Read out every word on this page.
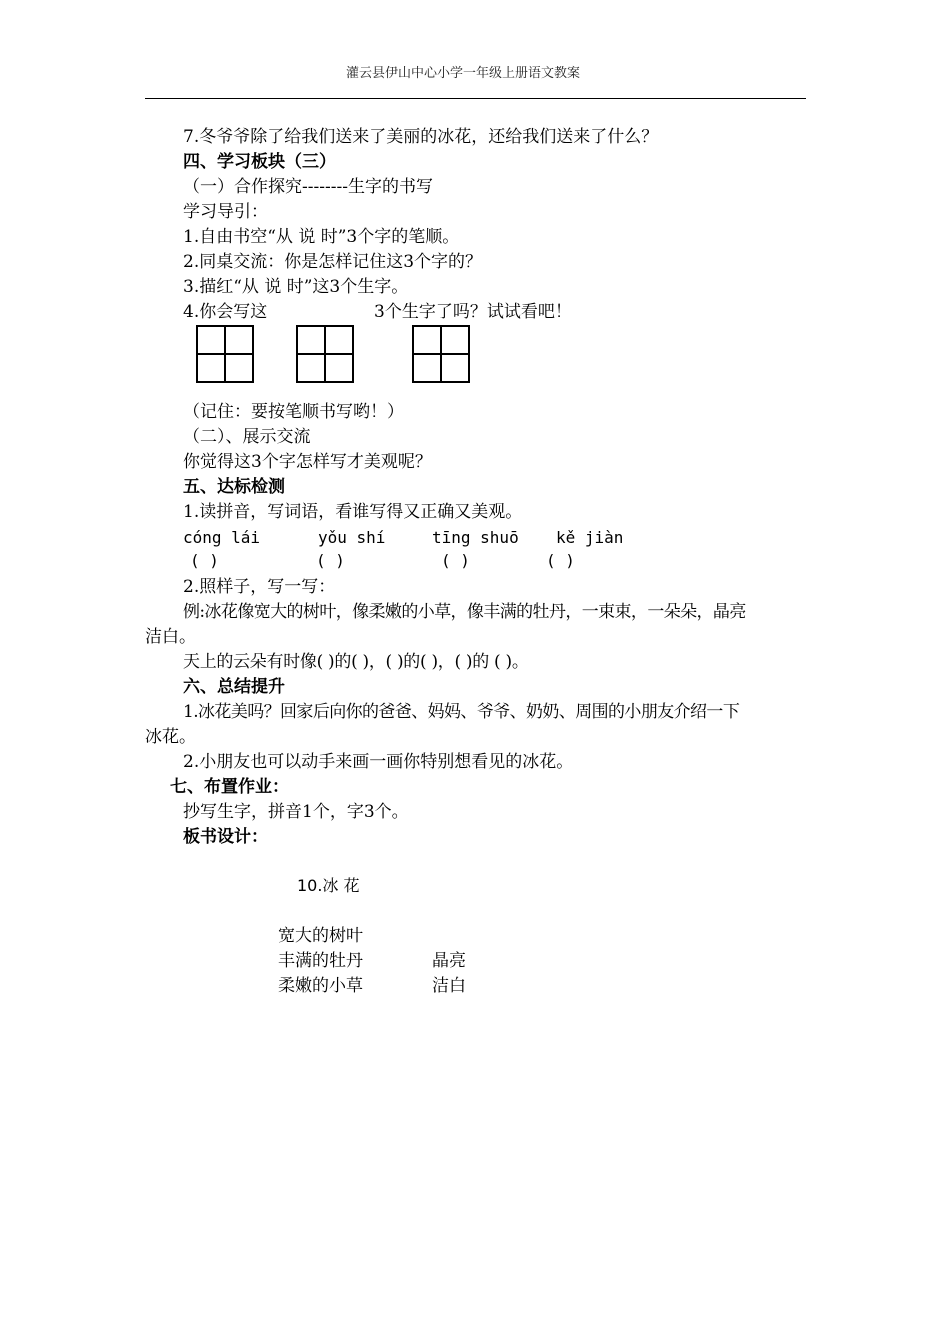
灌云县伊山中心小学一年级上册语文教案
7.冬爷爷除了给我们送来了美丽的冰花，还给我们送来了什么？
四、学习板块（三）
（一）合作探究--------生字的书写
学习导引：
1.自由书空“从 说 时”3个字的笔顺。
2.同桌交流：你是怎样记住这3个字的？
3.描红“从 说 时”这3个生字。
4.你会写这	3个生字了吗？试试看吧！
（记住：要按笔顺书写哟！）
（二）、展示交流
你觉得这3个字怎样写才美观呢？
五、达标检测
1.读拼音，写词语，看谁写得又正确又美观。
cóng lái	yǒu shí	tīng shuō kě jiàn
( )	( )	( )	( )
2.照样子，写一写：
例:冰花像宽大的树叶，像柔嫩的小草，像丰满的牡丹，一束束，一朵朵，晶亮
洁白。
天上的云朵有时像( )的( )，( )的( )，( )的 ( )。
六、总结提升
1.冰花美吗？回家后向你的爸爸、妈妈、爷爷、奶奶、周围的小朋友介绍一下
冰花。
2.小朋友也可以动手来画一画你特别想看见的冰花。
七、布置作业：
抄写生字，拼音1个，字3个。
板书设计：
10.冰 花
宽大的树叶
丰满的牡丹	晶亮
柔嫩的小草	洁白
